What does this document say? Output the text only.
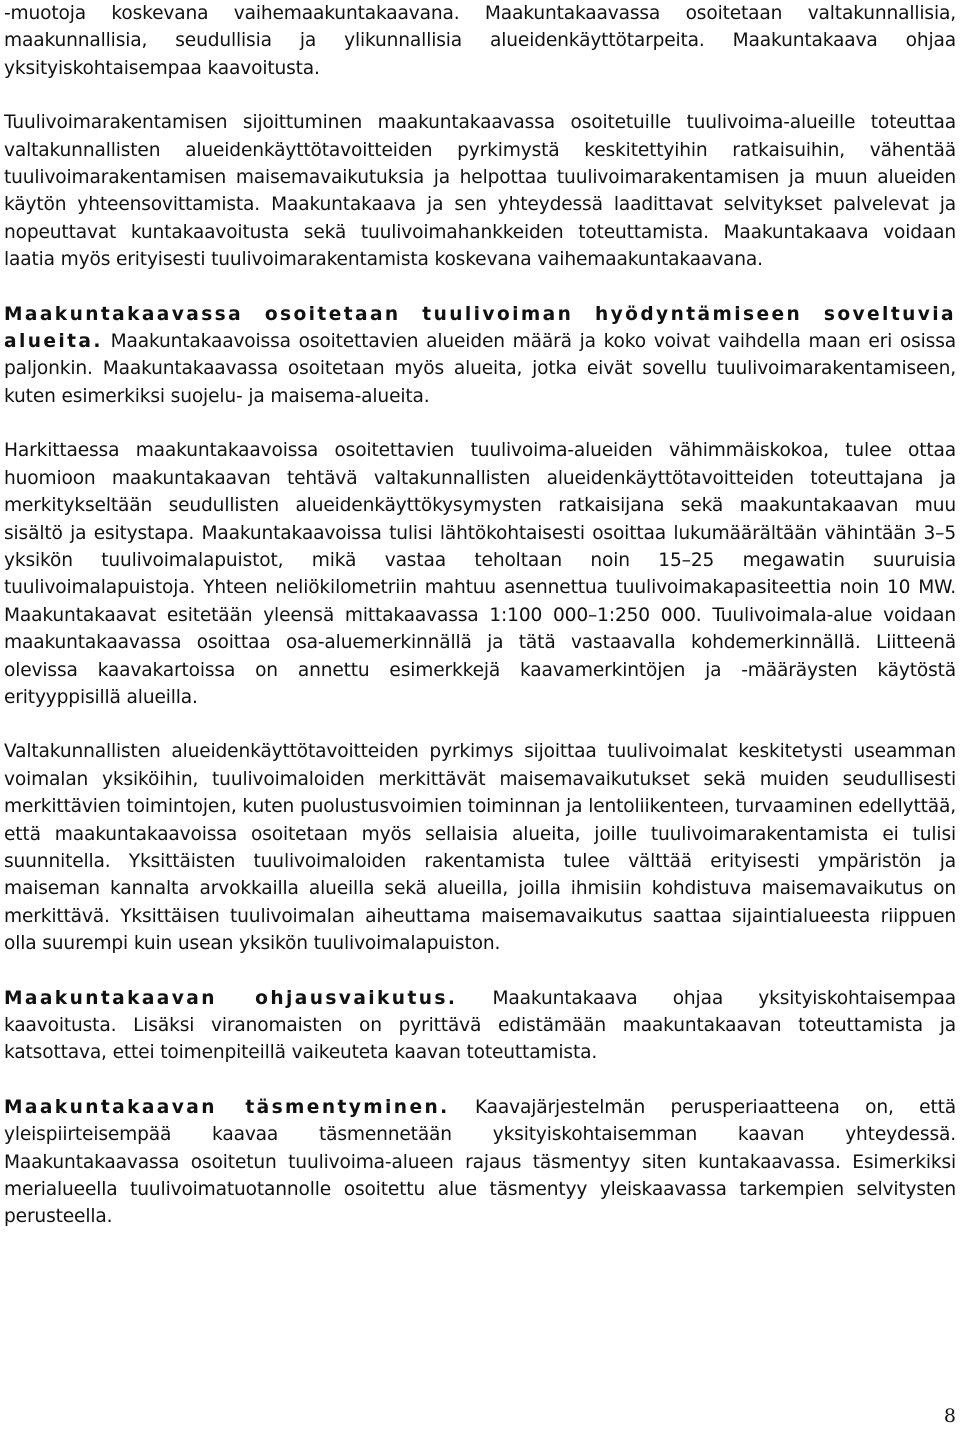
-muotoja koskevana vaihemaakuntakaavana. Maakuntakaavassa osoitetaan valtakunnallisia, maakunnallisia, seudullisia ja ylikunnallisia alueidenkäyttötarpeita. Maakuntakaava ohjaa yksityiskohtaisempaa kaavoitusta.

Tuulivoimarakentamisen sijoittuminen maakuntakaavassa osoitetuille tuulivoima-alueille toteuttaa valtakunnallisten alueidenkäyttötavoitteiden pyrkimystä keskitettyihin ratkaisuihin, vähentää tuulivoimarakentamisen maisemavaikutuksia ja helpottaa tuulivoimarakentamisen ja muun alueiden käytön yhteensovittamista. Maakuntakaava ja sen yhteydessä laadittavat selvitykset palvelevat ja nopeuttavat kuntakaavoitusta sekä tuulivoimahankkeiden toteuttamista. Maakuntakaava voidaan laatia myös erityisesti tuulivoimarakentamista koskevana vaihemaakuntakaavana.

Maakuntakaavassa osoitetaan tuulivoiman hyödyntämiseen soveltuvia alueita. Maakuntakaavoissa osoitettavien alueiden määrä ja koko voivat vaihdella maan eri osissa paljonkin. Maakuntakaavassa osoitetaan myös alueita, jotka eivät sovellu tuulivoimarakentamiseen, kuten esimerkiksi suojelu- ja maisema-alueita.

Harkittaessa maakuntakaavoissa osoitettavien tuulivoima-alueiden vähimmäiskokoa, tulee ottaa huomioon maakuntakaavan tehtävä valtakunnallisten alueidenkäyttötavoitteiden toteuttajana ja merkitykseltään seudullisten alueidenkäyttökysymysten ratkaisijana sekä maakuntakaavan muu sisältö ja esitystapa. Maakuntakaavoissa tulisi lähtökohtaisesti osoittaa lukumäärältään vähintään 3–5 yksikön tuulivoimalapuistot, mikä vastaa teholtaan noin 15–25 megawatin suuruisia tuulivoimalapuistoja. Yhteen neliökilometriin mahtuu asennettua tuulivoimakapasiteettia noin 10 MW. Maakuntakaavat esitetään yleensä mittakaavassa 1:100 000–1:250 000. Tuulivoimala-alue voidaan maakuntakaavassa osoittaa osa-aluemerkinnällä ja tätä vastaavalla kohdemerkinnällä. Liitteenä olevissa kaavakartoissa on annettu esimerkkejä kaavamerkintöjen ja -määräysten käytöstä erityyppisillä alueilla.

Valtakunnallisten alueidenkäyttötavoitteiden pyrkimys sijoittaa tuulivoimalat keskitetysti useamman voimalan yksiköihin, tuulivoimaloiden merkittävät maisemavaikutukset sekä muiden seudullisesti merkittävien toimintojen, kuten puolustusvoimien toiminnan ja lentoliikenteen, turvaaminen edellyttää, että maakuntakaavoissa osoitetaan myös sellaisia alueita, joille tuulivoimarakentamista ei tulisi suunnitella. Yksittäisten tuulivoimaloiden rakentamista tulee välttää erityisesti ympäristön ja maiseman kannalta arvokkailla alueilla sekä alueilla, joilla ihmisiin kohdistuva maisemavaikutus on merkittävä. Yksittäisen tuulivoimalan aiheuttama maisemavaikutus saattaa sijaintialueesta riippuen olla suurempi kuin usean yksikön tuulivoimalapuiston.

Maakuntakaavan ohjausvaikutus. Maakuntakaava ohjaa yksityiskohtaisempaa kaavoitusta. Lisäksi viranomaisten on pyrittävä edistämään maakuntakaavan toteuttamista ja katsottava, ettei toimenpiteillä vaikeuteta kaavan toteuttamista.

Maakuntakaavan täsmentyminen. Kaavajärjestelmän perusperiaatteena on, että yleispiirteisempää kaavaa täsmennetään yksityiskohtaisemman kaavan yhteydessä. Maakuntakaavassa osoitetun tuulivoima-alueen rajaus täsmentyy siten kuntakaavassa. Esimerkiksi merialueella tuulivoimatuotannolle osoitettu alue täsmentyy yleiskaavassa tarkempien selvitysten perusteella.

8
